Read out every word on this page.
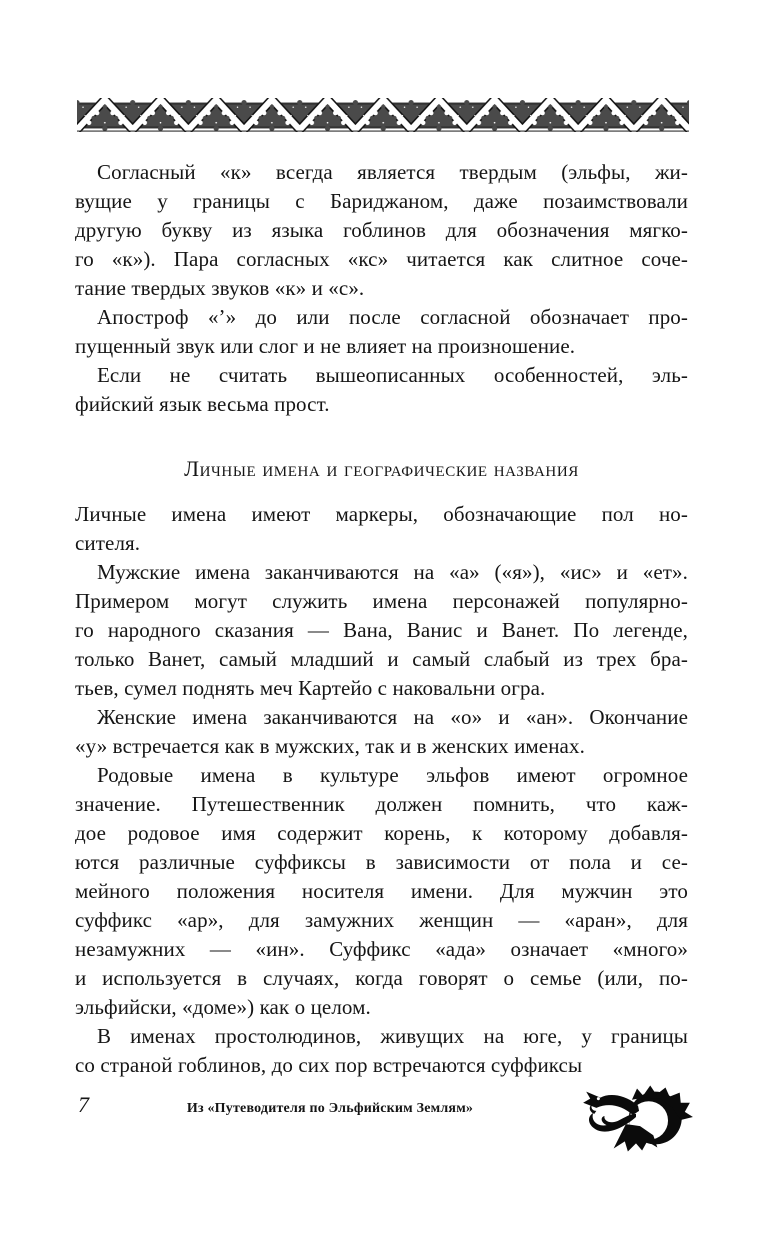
Согласный «к» всегда является твердым (эльфы, жи-
вущие у границы с Бариджаном, даже позаимствовали
другую букву из языка гоблинов для обозначения мягко-
го «к»). Пара согласных «кс» читается как слитное соче-
тание твердых звуков «к» и «с».
Апостроф «’» до или после согласной обозначает про-
пущенный звук или слог и не влияет на произношение.
Если не считать вышеописанных особенностей, эль-
фийский язык весьма прост.
Личные имена и географические названия
Личные имена имеют маркеры, обозначающие пол но-
сителя.
Мужские имена заканчиваются на «а» («я»), «ис» и «ет».
Примером могут служить имена персонажей популярно-
го народного сказания — Вана, Ванис и Ванет. По легенде,
только Ванет, самый младший и самый слабый из трех бра-
тьев, сумел поднять меч Картейо с наковальни огра.
Женские имена заканчиваются на «о» и «ан». Окончание
«у» встречается как в мужских, так и в женских именах.
Родовые имена в культуре эльфов имеют огромное
значение. Путешественник должен помнить, что каж-
дое родовое имя содержит корень, к которому добавля-
ются различные суффиксы в зависимости от пола и се-
мейного положения носителя имени. Для мужчин это
суффикс «ар», для замужних женщин — «аран», для
незамужних — «ин». Суффикс «ада» означает «много»
и используется в случаях, когда говорят о семье (или, по-
эльфийски, «доме») как о целом.
В именах простолюдинов, живущих на юге, у границы
со страной гоблинов, до сих пор встречаются суффиксы
7	Из «Путеводителя по Эльфийским Землям»
